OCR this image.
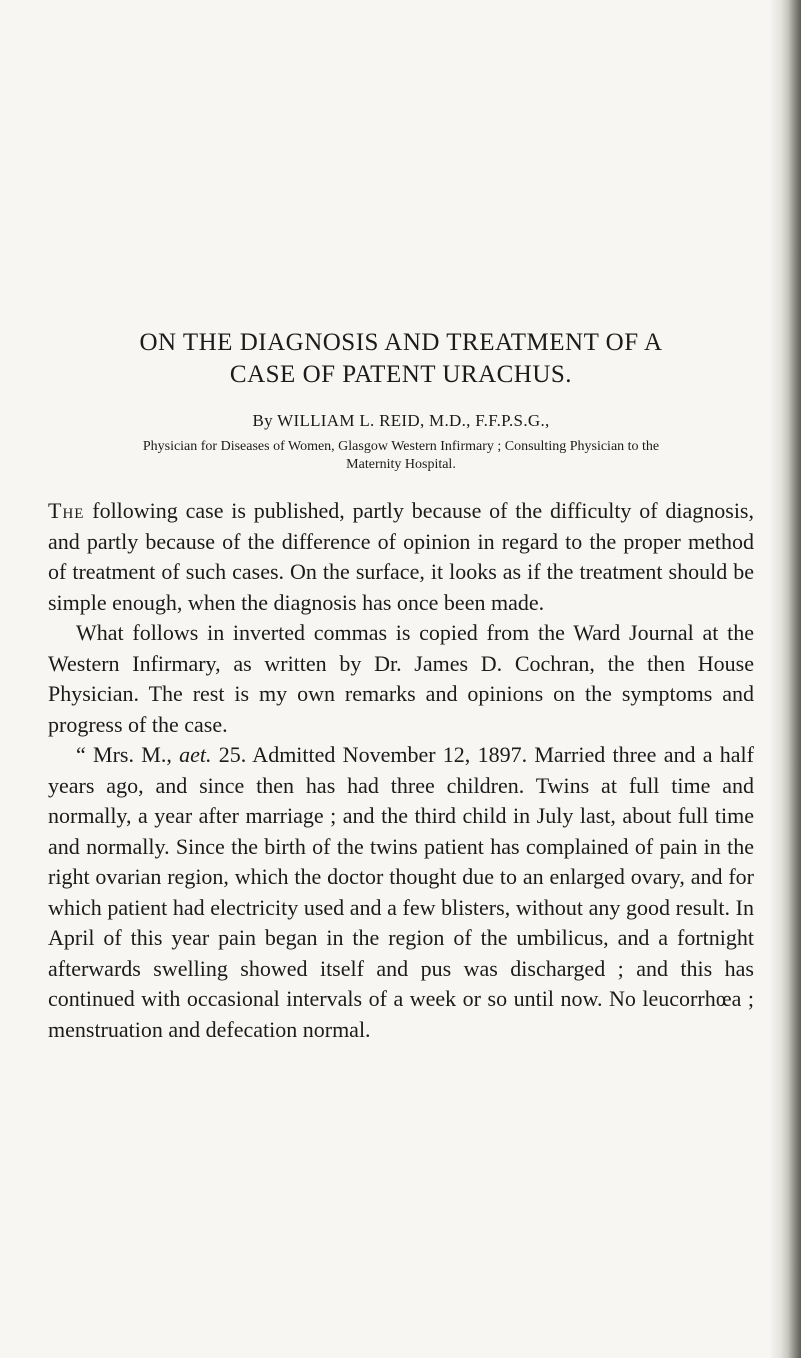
ON THE DIAGNOSIS AND TREATMENT OF A
CASE OF PATENT URACHUS.

By WILLIAM L. REID, M.D., F.F.P.S.G.,

Physician for Diseases of Women, Glasgow Western Infirmary ; Consulting Physician to the
Maternity Hospital.

The following case is published, partly because of the difficulty of diagnosis, and partly because of the difference of opinion in regard to the proper method of treatment of such cases. On the surface, it looks as if the treatment should be simple enough, when the diagnosis has once been made.

What follows in inverted commas is copied from the Ward Journal at the Western Infirmary, as written by Dr. James D. Cochran, the then House Physician. The rest is my own remarks and opinions on the symptoms and progress of the case.

“ Mrs. M., aet. 25. Admitted November 12, 1897. Married three and a half years ago, and since then has had three children. Twins at full time and normally, a year after marriage ; and the third child in July last, about full time and normally. Since the birth of the twins patient has complained of pain in the right ovarian region, which the doctor thought due to an enlarged ovary, and for which patient had electricity used and a few blisters, without any good result. In April of this year pain began in the region of the umbilicus, and a fortnight afterwards swelling showed itself and pus was discharged ; and this has continued with occasional intervals of a week or so until now. No leucorrhœa ; menstruation and defecation normal.
